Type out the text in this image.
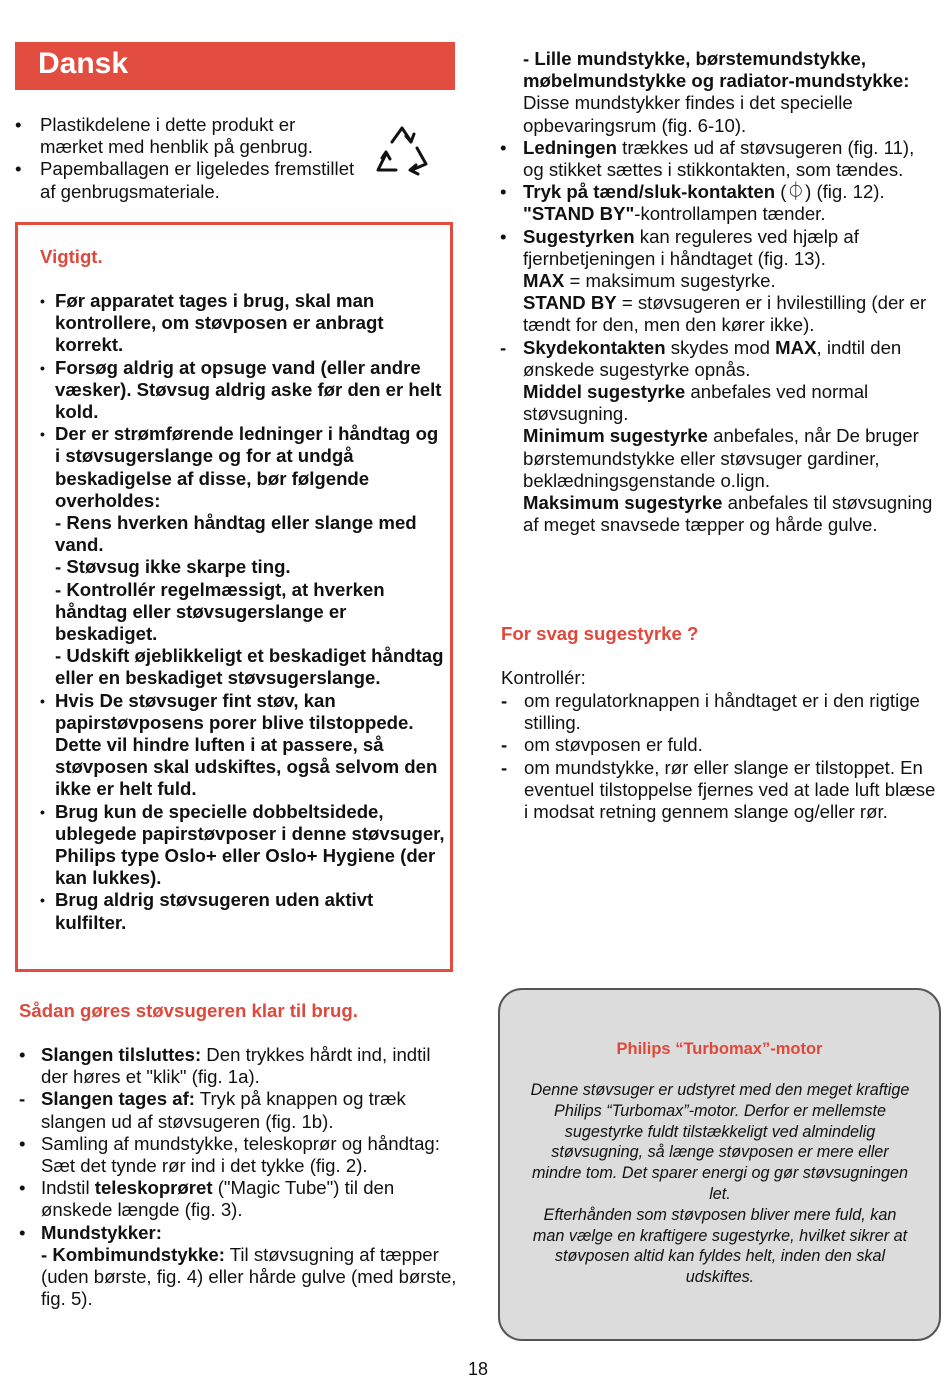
Dansk
• Plastikdelene i dette produkt er mærket med henblik på genbrug.
• Papemballagen er ligeledes fremstillet af genbrugsmateriale.
Vigtigt.
• Før apparatet tages i brug, skal man kontrollere, om støvposen er anbragt korrekt.
• Forsøg aldrig at opsuge vand (eller andre væsker). Støvsug aldrig aske før den er helt kold.
• Der er strømførende ledninger i håndtag og i støvsugerslange og for at undgå beskadigelse af disse, bør følgende overholdes:
- Rens hverken håndtag eller slange med vand.
- Støvsug ikke skarpe ting.
- Kontrollér regelmæssigt, at hverken håndtag eller støvsugerslange er beskadiget.
- Udskift øjeblikkeligt et beskadiget håndtag eller en beskadiget støvsugerslange.
• Hvis De støvsuger fint støv, kan papirstøvposens porer blive tilstoppede. Dette vil hindre luften i at passere, så støvposen skal udskiftes, også selvom den ikke er helt fuld.
• Brug kun de specielle dobbeltsidede, ublegede papirstøvposer i denne støvsuger, Philips type Oslo+ eller Oslo+ Hygiene (der kan lukkes).
• Brug aldrig støvsugeren uden aktivt kulfilter.
Sådan gøres støvsugeren klar til brug.
• Slangen tilsluttes: Den trykkes hårdt ind, indtil der høres et "klik" (fig. 1a).
- Slangen tages af: Tryk på knappen og træk slangen ud af støvsugeren (fig. 1b).
• Samling af mundstykke, teleskoprør og håndtag: Sæt det tynde rør ind i det tykke (fig. 2).
• Indstil teleskoprøret ("Magic Tube") til den ønskede længde (fig. 3).
• Mundstykker:
- Kombimundstykke: Til støvsugning af tæpper (uden børste, fig. 4) eller hårde gulve (med børste, fig. 5).
- Lille mundstykke, børstemundstykke, møbelmundstykke og radiator-mundstykke: Disse mundstykker findes i det specielle opbevaringsrum (fig. 6-10).
• Ledningen trækkes ud af støvsugeren (fig. 11), og stikket sættes i stikkontakten, som tændes.
• Tryk på tænd/sluk-kontakten (⏀) (fig. 12).
"STAND BY"-kontrollampen tænder.
• Sugestyrken kan reguleres ved hjælp af fjernbetjeningen i håndtaget (fig. 13).
MAX = maksimum sugestyrke.
STAND BY = støvsugeren er i hvilestilling (der er tændt for den, men den kører ikke).
- Skydekontakten skydes mod MAX, indtil den ønskede sugestyrke opnås.
Middel sugestyrke anbefales ved normal støvsugning.
Minimum sugestyrke anbefales, når De bruger børstemundstykke eller støvsuger gardiner, beklædningsgenstande o.lign.
Maksimum sugestyrke anbefales til støvsugning af meget snavsede tæpper og hårde gulve.
For svag sugestyrke ?
Kontrollér:
- om regulatorknappen i håndtaget er i den rigtige stilling.
- om støvposen er fuld.
- om mundstykke, rør eller slange er tilstoppet. En eventuel tilstoppelse fjernes ved at lade luft blæse i modsat retning gennem slange og/eller rør.
Philips “Turbomax”-motor
Denne støvsuger er udstyret med den meget kraftige Philips “Turbomax”-motor. Derfor er mellemste sugestyrke fuldt tilstækkeligt ved almindelig støvsugning, så længe støvposen er mere eller mindre tom. Det sparer energi og gør støvsugningen let.
Efterhånden som støvposen bliver mere fuld, kan man vælge en kraftigere sugestyrke, hvilket sikrer at støvposen altid kan fyldes helt, inden den skal udskiftes.
18
